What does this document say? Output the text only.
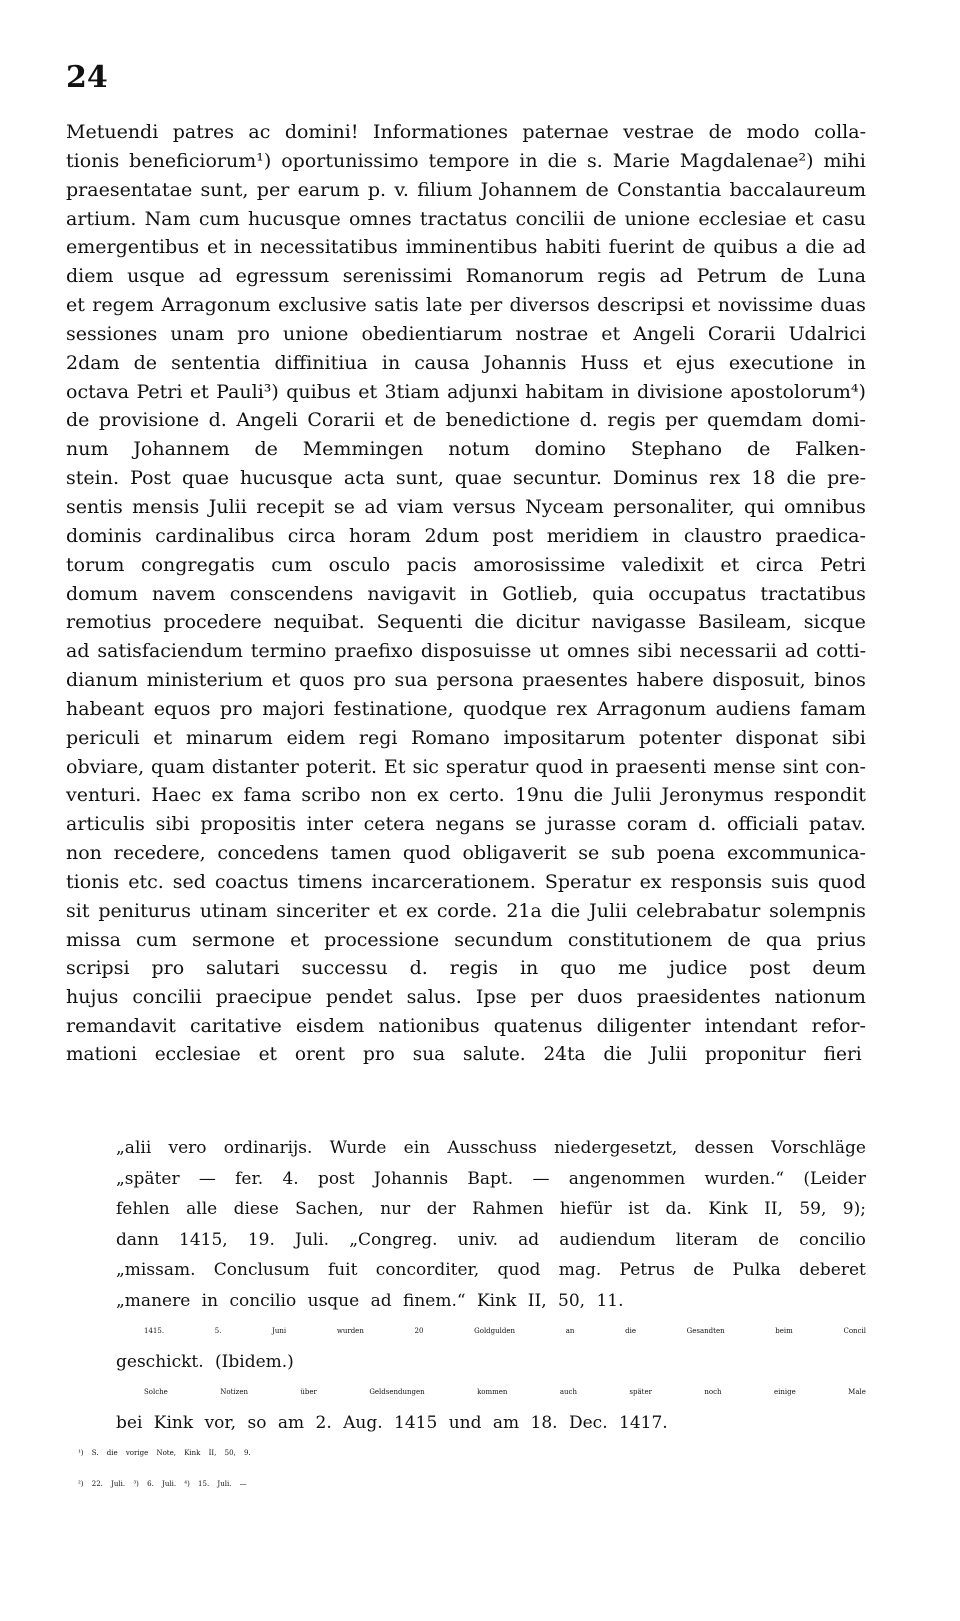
24
Metuendi patres ac domini! Informationes paternae vestrae de modo colla-
tionis beneficiorum¹) oportunissimo tempore in die s. Marie Magdalenae²) mihi
praesentatae sunt, per earum p. v. filium Johannem de Constantia baccalaureum
artium. Nam cum hucusque omnes tractatus concilii de unione ecclesiae et casu
emergentibus et in necessitatibus imminentibus habiti fuerint de quibus a die ad
diem usque ad egressum serenissimi Romanorum regis ad Petrum de Luna
et regem Arragonum exclusive satis late per diversos descripsi et novissime duas
sessiones unam pro unione obedientiarum nostrae et Angeli Corarii Udalrici
2dam de sententia diffinitiua in causa Johannis Huss et ejus executione in
octava Petri et Pauli³) quibus et 3tiam adjunxi habitam in divisione apostolorum⁴)
de provisione d. Angeli Corarii et de benedictione d. regis per quemdam domi-
num Johannem de Memmingen notum domino Stephano de Falken-
stein. Post quae hucusque acta sunt, quae secuntur. Dominus rex 18 die pre-
sentis mensis Julii recepit se ad viam versus Nyceam personaliter, qui omnibus
dominis cardinalibus circa horam 2dum post meridiem in claustro praedica-
torum congregatis cum osculo pacis amorosissime valedixit et circa Petri
domum navem conscendens navigavit in Gotlieb, quia occupatus tractatibus
remotius procedere nequibat. Sequenti die dicitur navigasse Basileam, sicque
ad satisfaciendum termino praefixo disposuisse ut omnes sibi necessarii ad cotti-
dianum ministerium et quos pro sua persona praesentes habere disposuit, binos
habeant equos pro majori festinatione, quodque rex Arragonum audiens famam
periculi et minarum eidem regi Romano impositarum potenter disponat sibi
obviare, quam distanter poterit. Et sic speratur quod in praesenti mense sint con-
venturi. Haec ex fama scribo non ex certo. 19nu die Julii Jeronymus respondit
articulis sibi propositis inter cetera negans se jurasse coram d. officiali patav.
non recedere, concedens tamen quod obligaverit se sub poena excommunica-
tionis etc. sed coactus timens incarcerationem. Speratur ex responsis suis quod
sit peniturus utinam sinceriter et ex corde. 21a die Julii celebrabatur solempnis
missa cum sermone et processione secundum constitutionem de qua prius
scripsi pro salutari successu d. regis in quo me judice post deum
hujus concilii praecipue pendet salus. Ipse per duos praesidentes nationum
remandavit caritative eisdem nationibus quatenus diligenter intendant refor-
mationi ecclesiae et orent pro sua salute. 24ta die Julii proponitur fieri
„alii vero ordinarijs. Wurde ein Ausschuss niedergesetzt, dessen Vorschläge
„später — fer. 4. post Johannis Bapt. — angenommen wurden.“ (Leider
fehlen alle diese Sachen, nur der Rahmen hiefür ist da. Kink II, 59, 9);
dann 1415, 19. Juli. „Congreg. univ. ad audiendum literam de concilio
„missam. Conclusum fuit concorditer, quod mag. Petrus de Pulka deberet
„manere in concilio usque ad finem.“ Kink II, 50, 11.
1415.	5.	Juni	wurden	20	Goldgulden	an	die	Gesandten	beim	Concil
geschickt. (Ibidem.)
Solche	Notizen	über	Geldsendungen	kommen	auch	später	noch	einige	Male
bei Kink vor, so am 2. Aug. 1415 und am 18. Dec. 1417.
¹) S. die vorige Note, Kink II, 50, 9.
²) 22. Juli. ³) 6. Juli. ⁴) 15. Juli. —
